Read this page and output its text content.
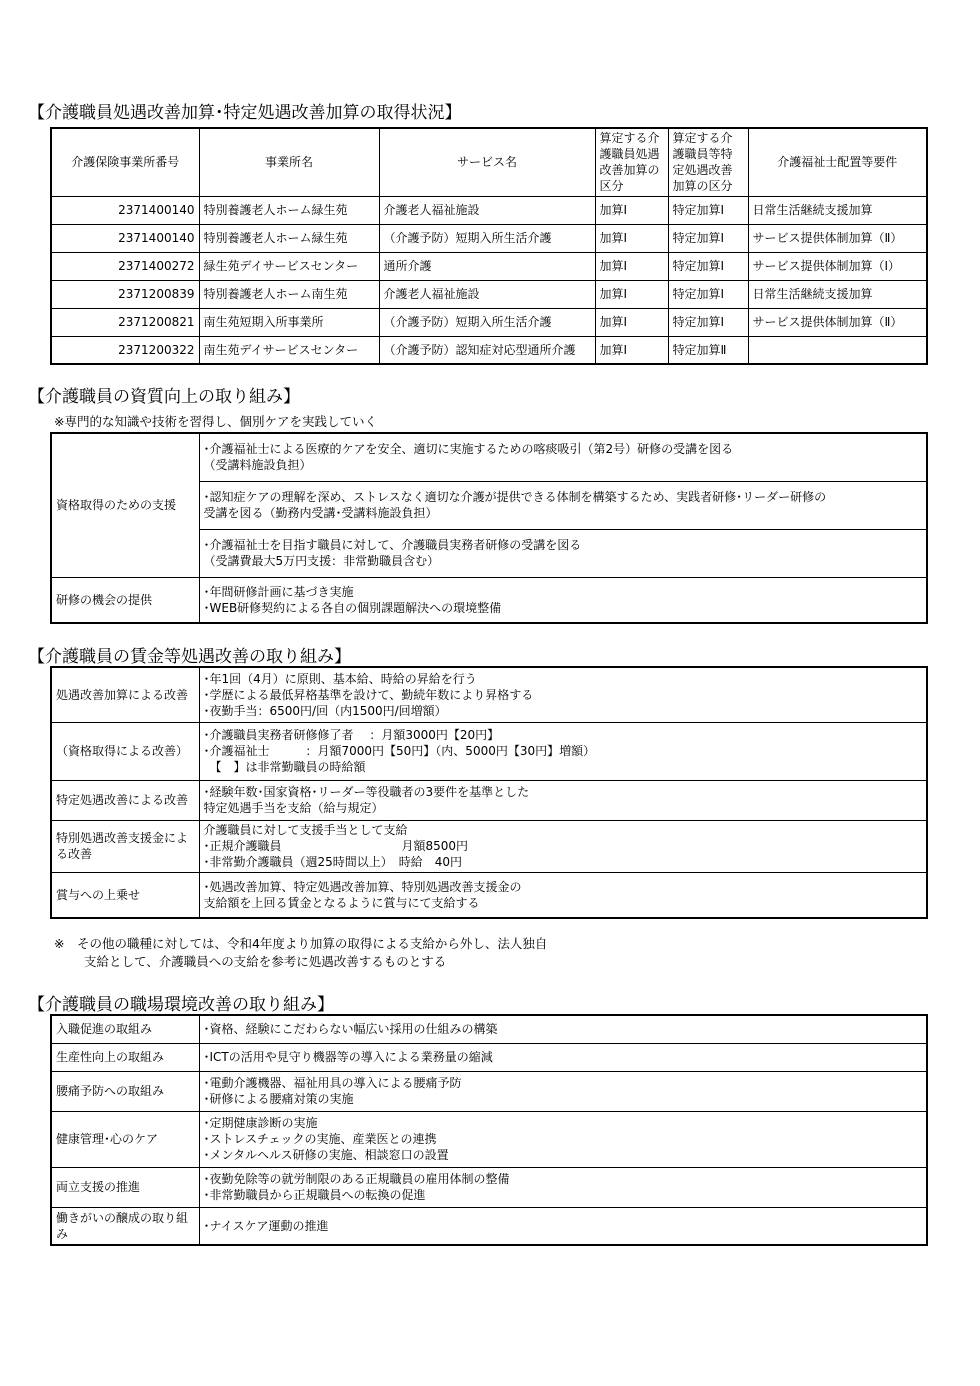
【介護職員処遇改善加算･特定処遇改善加算の取得状況】
介護保険事業所番号	事業所名	サービス名	算定する介護職員処遇改善加算の区分	算定する介護職員等特定処遇改善加算の区分	介護福祉士配置等要件
2371400140	特別養護老人ホーム緑生苑	介護老人福祉施設	加算Ⅰ	特定加算Ⅰ	日常生活継続支援加算
2371400140	特別養護老人ホーム緑生苑	（介護予防）短期入所生活介護	加算Ⅰ	特定加算Ⅰ	サービス提供体制加算（Ⅱ）
2371400272	緑生苑デイサービスセンター	通所介護	加算Ⅰ	特定加算Ⅰ	サービス提供体制加算（Ⅰ）
2371200839	特別養護老人ホーム南生苑	介護老人福祉施設	加算Ⅰ	特定加算Ⅰ	日常生活継続支援加算
2371200821	南生苑短期入所事業所	（介護予防）短期入所生活介護	加算Ⅰ	特定加算Ⅰ	サービス提供体制加算（Ⅱ）
2371200322	南生苑デイサービスセンター	（介護予防）認知症対応型通所介護	加算Ⅰ	特定加算Ⅱ	
【介護職員の資質向上の取り組み】
※専門的な知識や技術を習得し、個別ケアを実践していく
資格取得のための支援	･介護福祉士による医療的ケアを安全、適切に実施するための喀痰吸引（第2号）研修の受講を図る
（受講料施設負担）

	･認知症ケアの理解を深め、ストレスなく適切な介護が提供できる体制を構築するため、実践者研修･リーダー研修の
受講を図る（勤務内受講･受講料施設負担）

	･介護福祉士を目指す職員に対して、介護職員実務者研修の受講を図る
（受講費最大5万円支援：非常勤職員含む）

研修の機会の提供	･年間研修計画に基づき実施
･WEB研修契約による各自の個別課題解決への環境整備
【介護職員の賃金等処遇改善の取り組み】
処遇改善加算による改善	･年1回（4月）に原則、基本給、時給の昇給を行う
･学歴による最低昇格基準を設けて、勤続年数により昇格する
･夜勤手当：6500円/回（内1500円/回増額）

（資格取得による改善）	･介護職員実務者研修修了者　 ：月額3000円【20円】
･介護福祉士　　　：月額7000円【50円】（内、5000円【30円】増額）
　【　】は非常勤職員の時給額

特定処遇改善による改善	･経験年数･国家資格･リーダー等役職者の3要件を基準とした
特定処遇手当を支給（給与規定）

特別処遇改善支援金による改善	介護職員に対して支援手当として支給
･正規介護職員　　　　　　　　　　月額8500円
･非常勤介護職員（週25時間以上）　時給　40円

賞与への上乗せ	･処遇改善加算、特定処遇改善加算、特別処遇改善支援金の
支給額を上回る賃金となるように賞与にて支給する
※　その他の職種に対しては、令和4年度より加算の取得による支給から外し、法人独自
支給として、介護職員への支給を参考に処遇改善するものとする
【介護職員の職場環境改善の取り組み】
入職促進の取組み	･資格、経験にこだわらない幅広い採用の仕組みの構築

生産性向上の取組み	･ICTの活用や見守り機器等の導入による業務量の縮減

腰痛予防への取組み	･電動介護機器、福祉用具の導入による腰痛予防
･研修による腰痛対策の実施

健康管理･心のケア	･定期健康診断の実施
･ストレスチェックの実施、産業医との連携
･メンタルヘルス研修の実施、相談窓口の設置

両立支援の推進	･夜勤免除等の就労制限のある正規職員の雇用体制の整備
･非常勤職員から正規職員への転換の促進

働きがいの醸成の取り組み	･ナイスケア運動の推進
